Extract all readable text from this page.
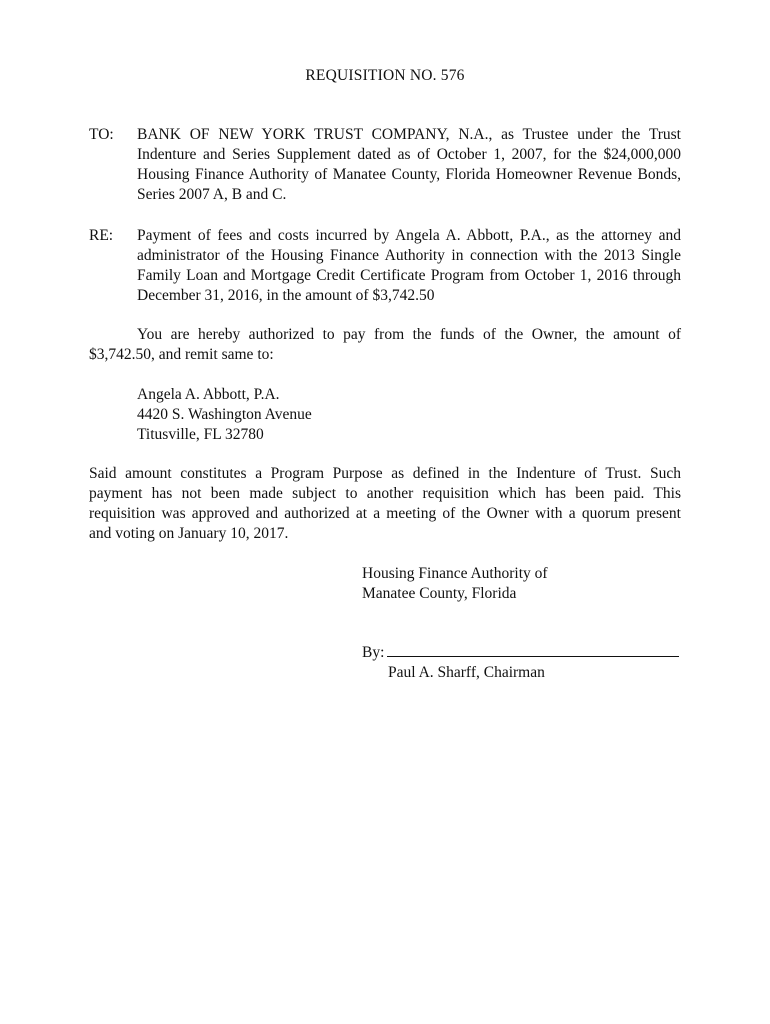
REQUISITION NO. 576
TO: BANK OF NEW YORK TRUST COMPANY, N.A., as Trustee under the Trust
Indenture and Series Supplement dated as of October 1, 2007, for the $24,000,000
Housing Finance Authority of Manatee County, Florida Homeowner Revenue Bonds,
Series 2007 A, B and C.
RE: Payment of fees and costs incurred by Angela A. Abbott, P.A., as the attorney and
administrator of the Housing Finance Authority in connection with the 2013 Single
Family Loan and Mortgage Credit Certificate Program from October 1, 2016 through
December 31, 2016, in the amount of $3,742.50
You are hereby authorized to pay from the funds of the Owner, the amount of
$3,742.50, and remit same to:
Angela A. Abbott, P.A.
4420 S. Washington Avenue
Titusville, FL 32780
Said amount constitutes a Program Purpose as defined in the Indenture of Trust. Such
payment has not been made subject to another requisition which has been paid. This
requisition was approved and authorized at a meeting of the Owner with a quorum present
and voting on January 10, 2017.
Housing Finance Authority of
Manatee County, Florida
By:
Paul A. Sharff, Chairman
